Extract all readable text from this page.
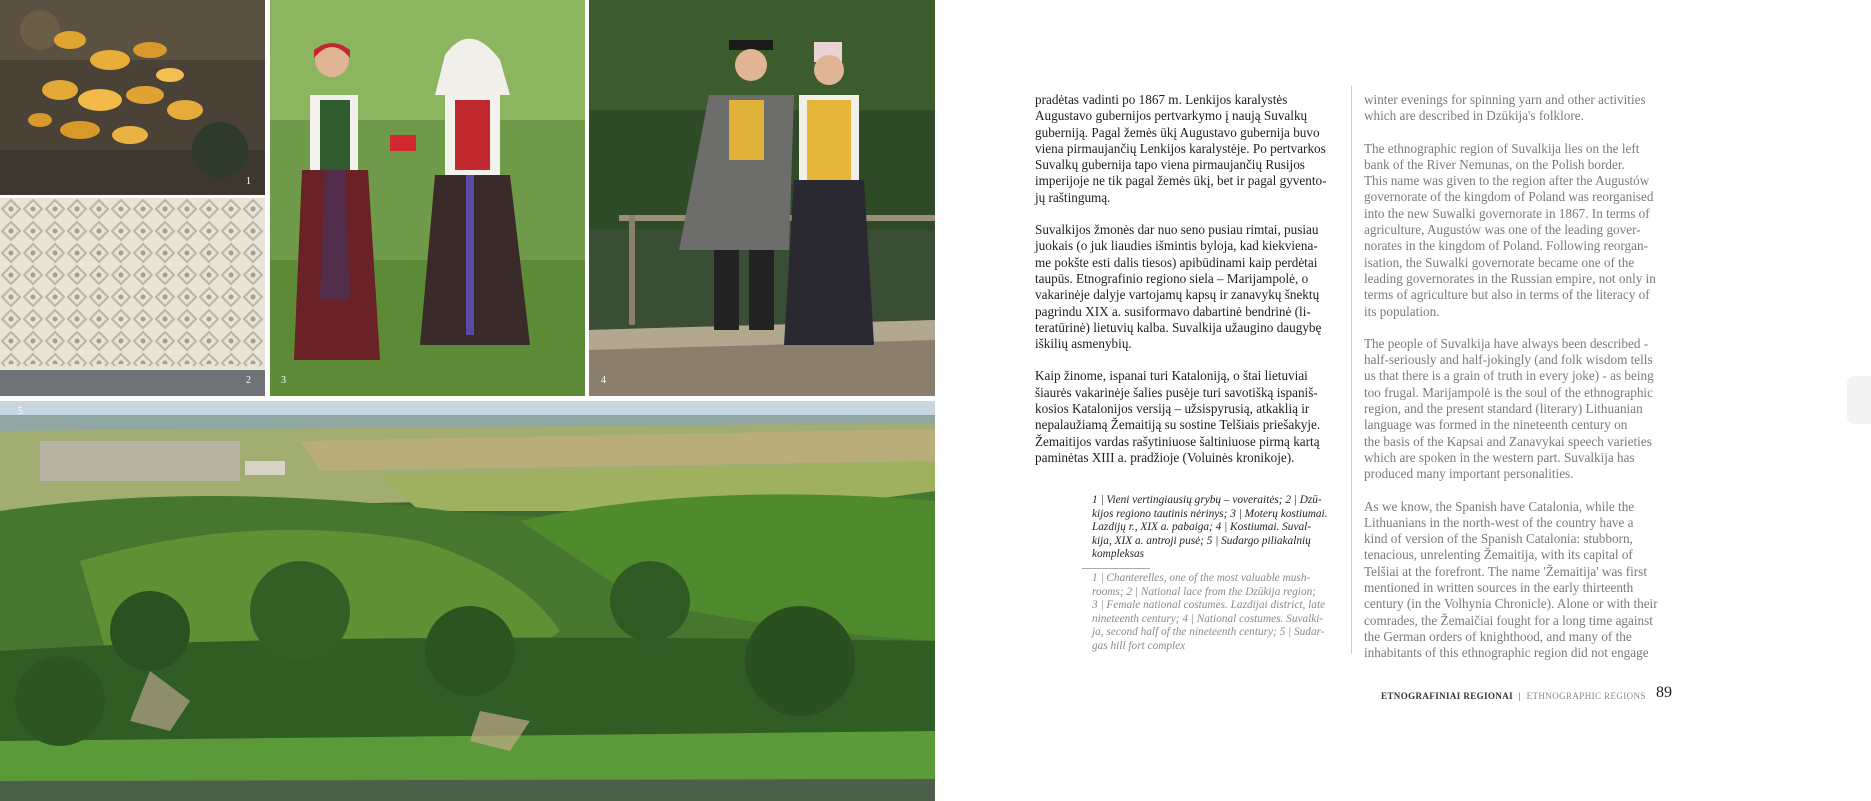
1
2	3	4
5

pradėtas vadinti po 1867 m. Lenkijos karalystės
Augustavo gubernijos pertvarkymo į naują Suvalkų
guberniją. Pagal žemės ūkį Augustavo gubernija buvo
viena pirmaujančių Lenkijos karalystėje. Po pertvarkos
Suvalkų gubernija tapo viena pirmaujančių Rusijos
imperijoje ne tik pagal žemės ūkį, bet ir pagal gyvento-
jų raštingumą.

Suvalkijos žmonės dar nuo seno pusiau rimtai, pusiau
juokais (o juk liaudies išmintis byloja, kad kiekviena-
me pokšte esti dalis tiesos) apibūdinami kaip perdėtai
taupūs. Etnografinio regiono siela – Marijampolė, o
vakarinėje dalyje vartojamų kapsų ir zanavykų šnektų
pagrindu XIX a. susiformavo dabartinė bendrinė (li-
teratūrinė) lietuvių kalba. Suvalkija užaugino daugybę
iškilių asmenybių.

Kaip žinome, ispanai turi Kataloniją, o štai lietuviai
šiaurės vakarinėje šalies pusėje turi savotišką ispaniš-
kosios Katalonijos versiją – užsispyrusią, atkaklią ir
nepalaužiamą Žemaitiją su sostine Telšiais priešakyje.
Žemaitijos vardas rašytiniuose šaltiniuose pirmą kartą
paminėtas XIII a. pradžioje (Voluinės kronikoje).

winter evenings for spinning yarn and other activities
which are described in Dzūkija's folklore.

The ethnographic region of Suvalkija lies on the left
bank of the River Nemunas, on the Polish border.
This name was given to the region after the Augustów
governorate of the kingdom of Poland was reorganised
into the new Suwalki governorate in 1867. In terms of
agriculture, Augustów was one of the leading gover-
norates in the kingdom of Poland. Following reorgan-
isation, the Suwalki governorate became one of the
leading governorates in the Russian empire, not only in
terms of agriculture but also in terms of the literacy of
its population.

The people of Suvalkija have always been described -
half-seriously and half-jokingly (and folk wisdom tells
us that there is a grain of truth in every joke) - as being
too frugal. Marijampolė is the soul of the ethnographic
region, and the present standard (literary) Lithuanian
language was formed in the nineteenth century on
the basis of the Kapsai and Zanavykai speech varieties
which are spoken in the western part. Suvalkija has
produced many important personalities.

As we know, the Spanish have Catalonia, while the
Lithuanians in the north-west of the country have a
kind of version of the Spanish Catalonia: stubborn,
tenacious, unrelenting Žemaitija, with its capital of
Telšiai at the forefront. The name 'Žemaitija' was first
mentioned in written sources in the early thirteenth
century (in the Volhynia Chronicle). Alone or with their
comrades, the Žemaičiai fought for a long time against
the German orders of knighthood, and many of the
inhabitants of this ethnographic region did not engage

1 | Vieni vertingiausių grybų – voveraitės; 2 | Dzū-
kijos regiono tautinis nėrinys; 3 | Moterų kostiumai.
Lazdijų r., XIX a. pabaiga; 4 | Kostiumai. Suval-
kija, XIX a. antroji pusė; 5 | Sudargo piliakalnių
kompleksas

1 | Chanterelles, one of the most valuable mush-
rooms; 2 | National lace from the Dzūkija region;
3 | Female national costumes. Lazdijai district, late
nineteenth century; 4 | National costumes. Suvalki-
ja, second half of the nineteenth century; 5 | Sudar-
gas hill fort complex

ETNOGRAFINIAI REGIONAI | ETHNOGRAPHIC REGIONS 89
